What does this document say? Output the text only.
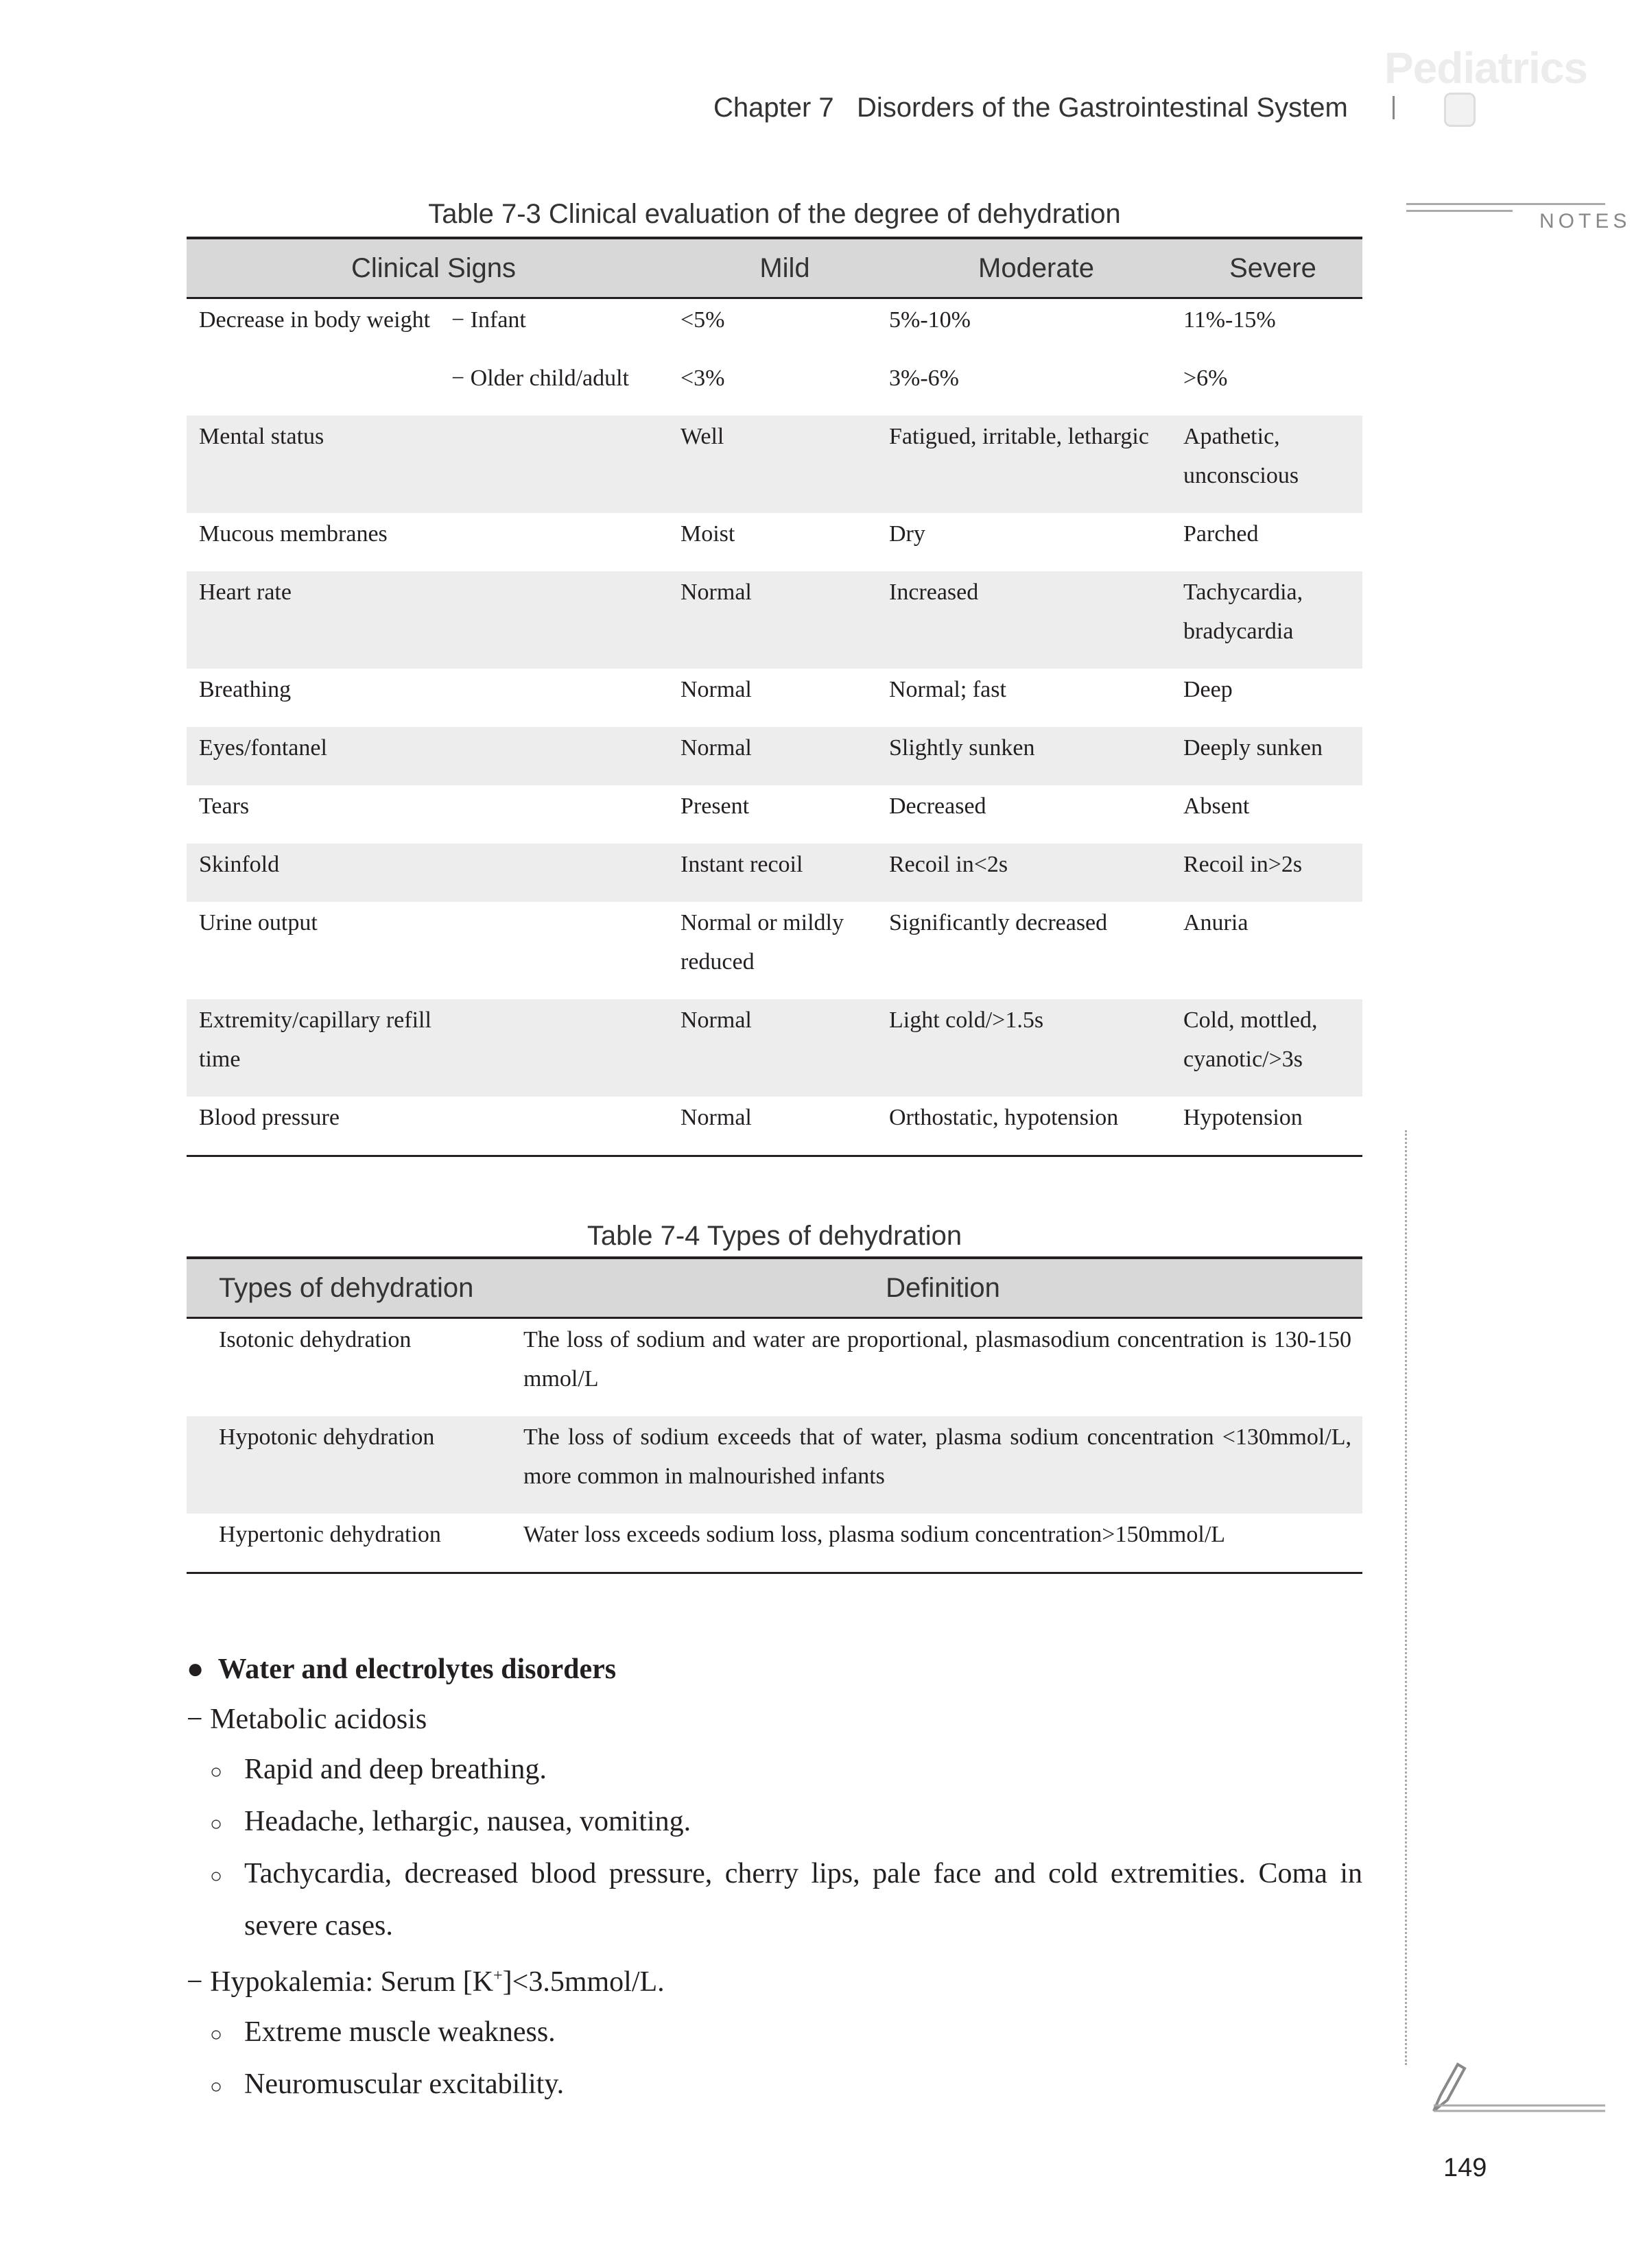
Pediatrics
Chapter 7   Disorders of the Gastrointestinal System
NOTES
149
Table 7-3 Clinical evaluation of the degree of dehydration
Clinical Signs		Mild	Moderate	Severe

Decrease in body weight	− Infant	<5%	5%-10%	11%-15%

	− Older child/adult	<3%	3%-6%	>6%

Mental status		Well	Fatigued, irritable, lethargic	Apathetic, unconscious

Mucous membranes		Moist	Dry	Parched

Heart rate		Normal	Increased	Tachycardia, bradycardia

Breathing		Normal	Normal; fast	Deep

Eyes/fontanel		Normal	Slightly sunken	Deeply sunken

Tears		Present	Decreased	Absent

Skinfold		Instant recoil	Recoil in<2s	Recoil in>2s

Urine output		Normal or mildly reduced	Significantly decreased	Anuria

Extremity/capillary refill time		Normal	Light cold/>1.5s	Cold, mottled, cyanotic/>3s

Blood pressure		Normal	Orthostatic, hypotension	Hypotension
Table 7-4 Types of dehydration
Types of dehydration	Definition

Isotonic dehydration	The loss of sodium and water are proportional, plasmasodium concentration is 130-150 mmol/L

Hypotonic dehydration	The loss of sodium exceeds that of water, plasma sodium concentration <130mmol/L, more common in malnourished infants

Hypertonic dehydration	Water loss exceeds sodium loss, plasma sodium concentration>150mmol/L
● Water and electrolytes disorders
− Metabolic acidosis
○ Rapid and deep breathing.
○ Headache, lethargic, nausea, vomiting.
○ Tachycardia, decreased blood pressure, cherry lips, pale face and cold extremities. Coma in severe cases.
− Hypokalemia: Serum [K+]<3.5mmol/L.
○ Extreme muscle weakness.
○ Neuromuscular excitability.
